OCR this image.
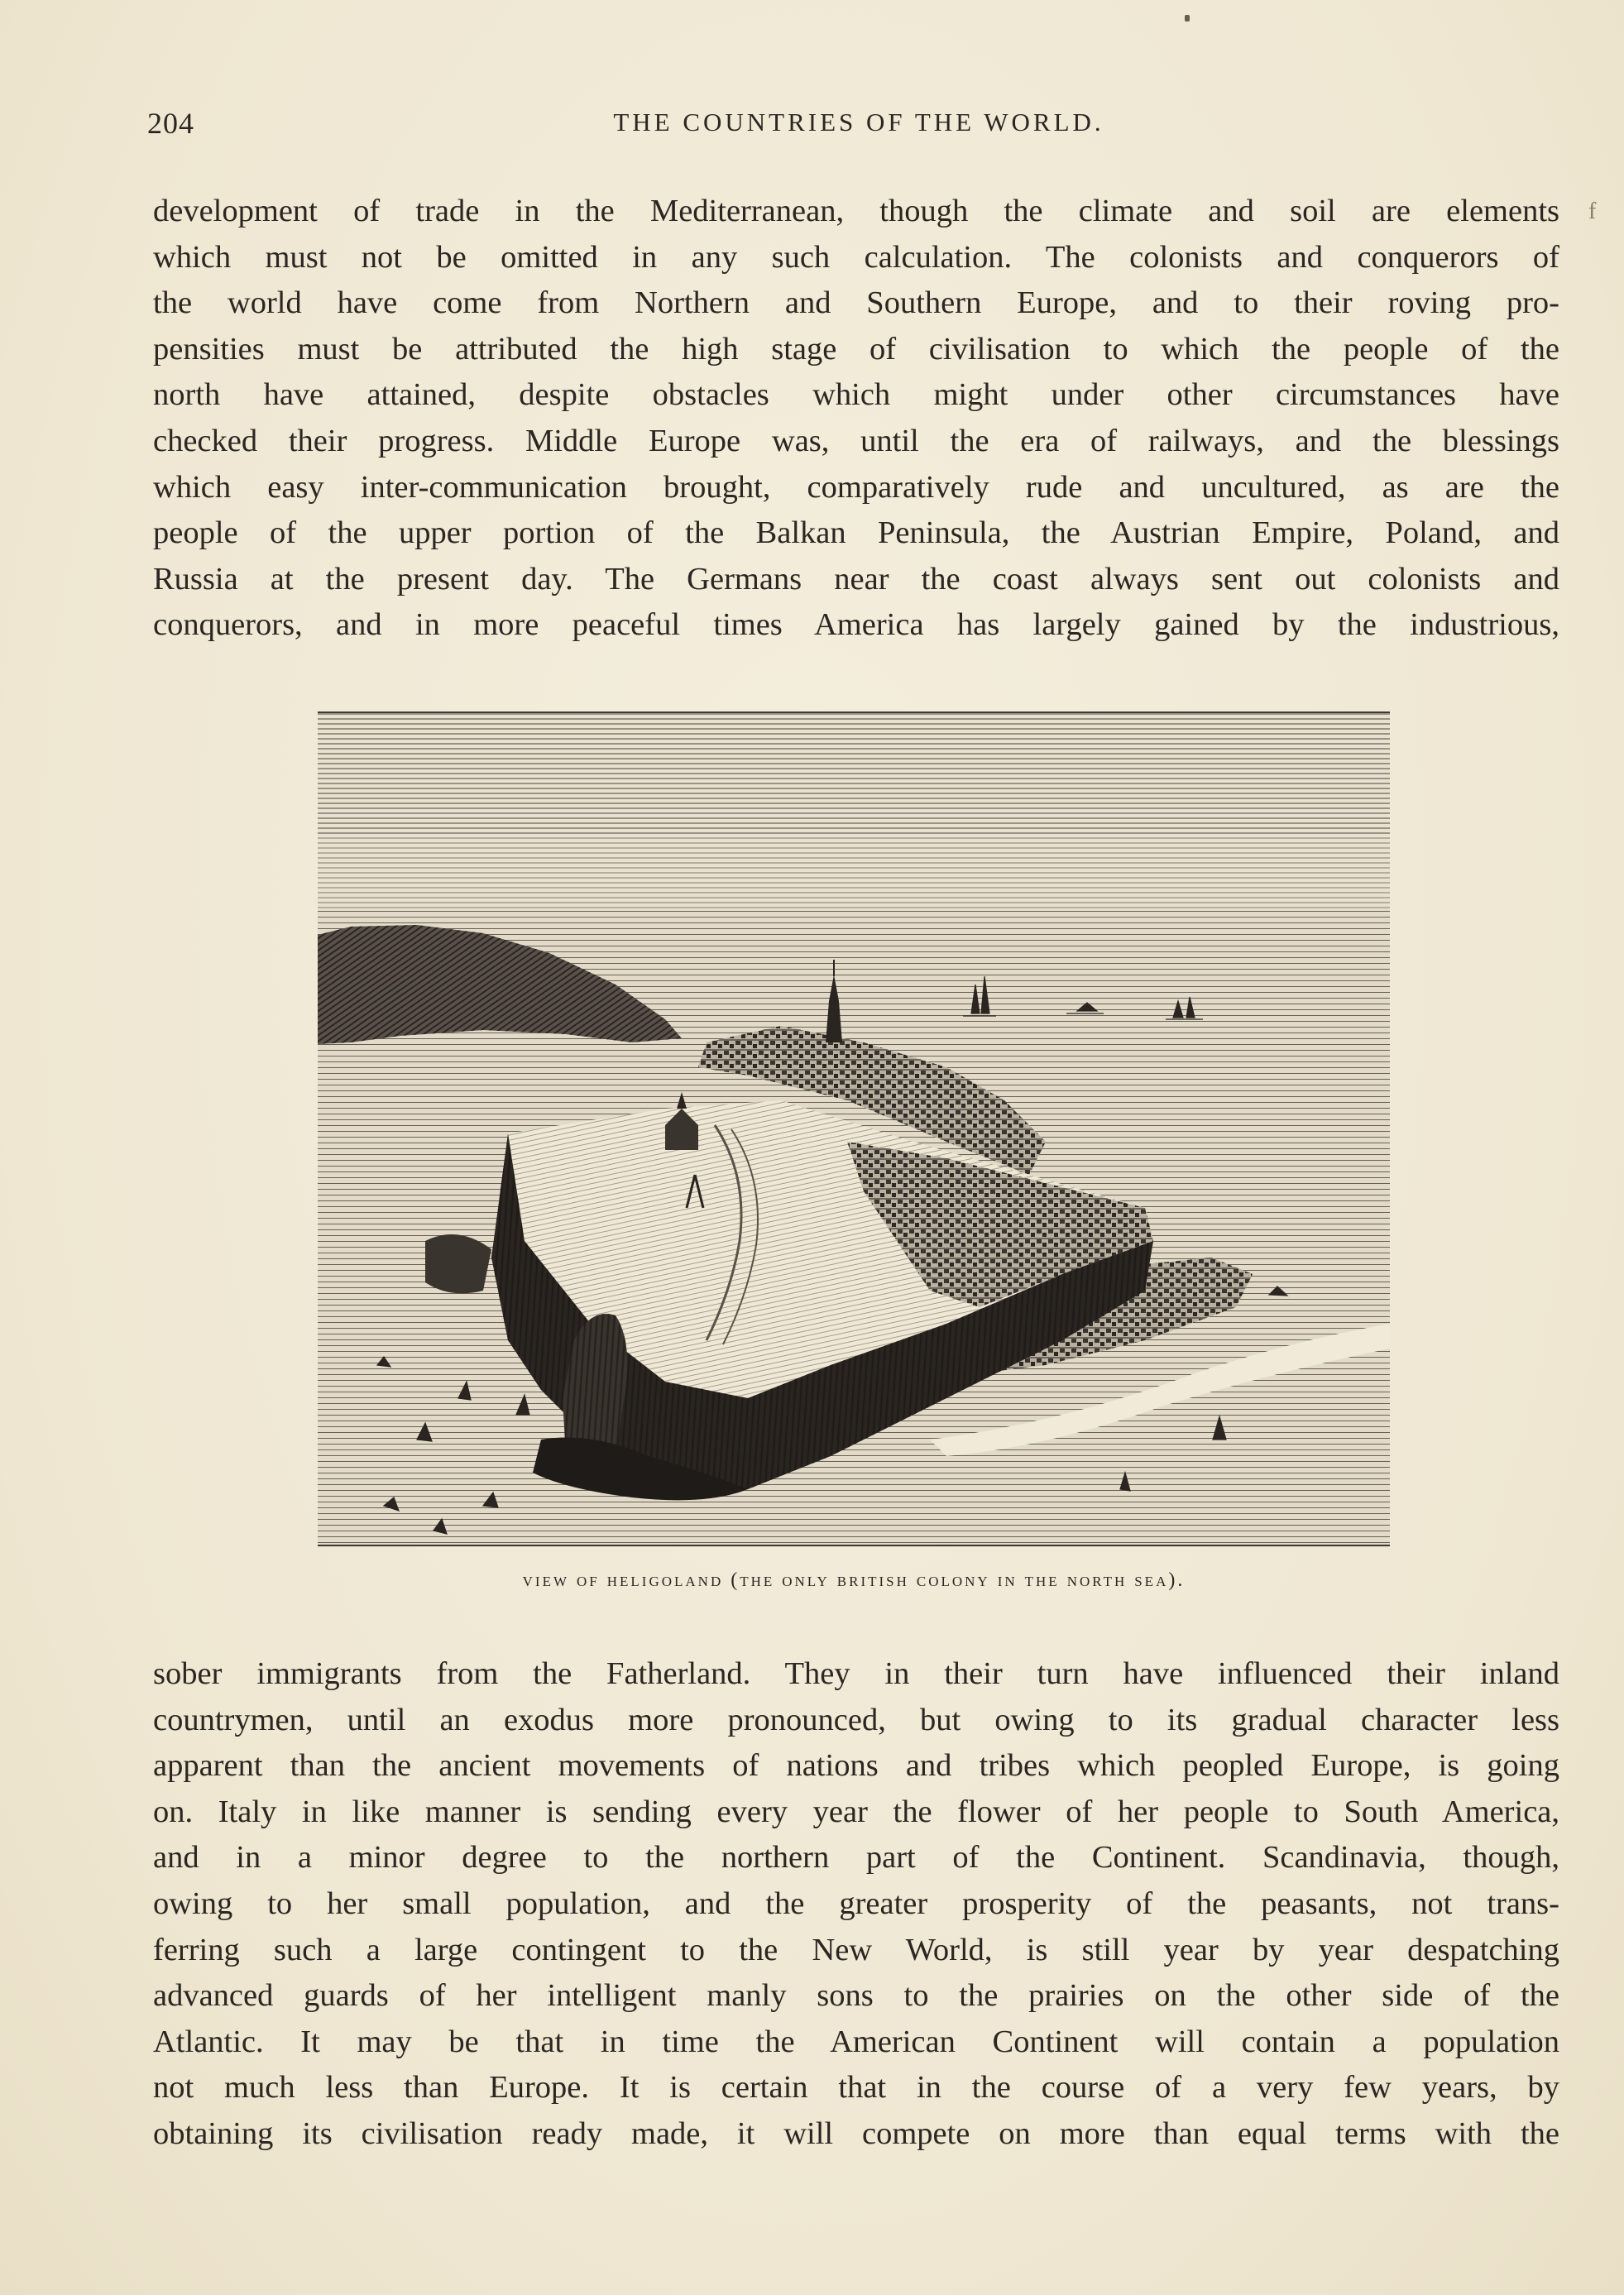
204	THE COUNTRIES OF THE WORLD.
f
development of trade in the Mediterranean, though the climate and soil are elements
which must not be omitted in any such calculation. The colonists and conquerors of
the world have come from Northern and Southern Europe, and to their roving pro-
pensities must be attributed the high stage of civilisation to which the people of the
north have attained, despite obstacles which might under other circumstances have
checked their progress. Middle Europe was, until the era of railways, and the blessings
which easy inter-communication brought, comparatively rude and uncultured, as are the
people of the upper portion of the Balkan Peninsula, the Austrian Empire, Poland, and
Russia at the present day. The Germans near the coast always sent out colonists and
conquerors, and in more peaceful times America has largely gained by the industrious,
view of heligoland (the only british colony in the north sea).
sober immigrants from the Fatherland. They in their turn have influenced their inland
countrymen, until an exodus more pronounced, but owing to its gradual character less
apparent than the ancient movements of nations and tribes which peopled Europe, is going
on. Italy in like manner is sending every year the flower of her people to South America,
and in a minor degree to the northern part of the Continent. Scandinavia, though,
owing to her small population, and the greater prosperity of the peasants, not trans-
ferring such a large contingent to the New World, is still year by year despatching
advanced guards of her intelligent manly sons to the prairies on the other side of the
Atlantic. It may be that in time the American Continent will contain a population
not much less than Europe. It is certain that in the course of a very few years, by
obtaining its civilisation ready made, it will compete on more than equal terms with the
